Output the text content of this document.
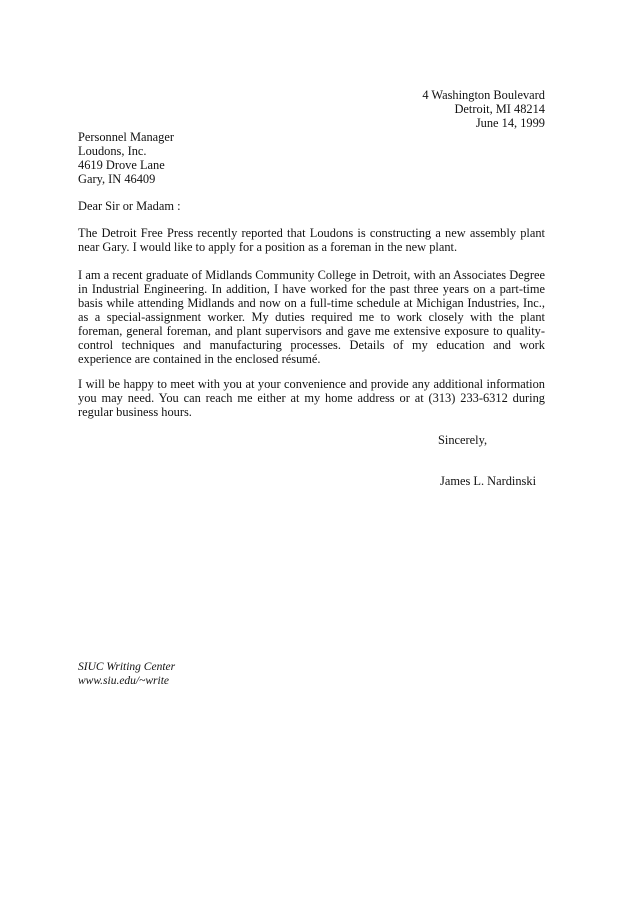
4 Washington Boulevard
Detroit, MI 48214
June 14, 1999
Personnel Manager
Loudons, Inc.
4619 Drove Lane
Gary, IN 46409
Dear Sir or Madam :
The Detroit Free Press recently reported that Loudons is constructing a new assembly plant near Gary. I would like to apply for a position as a foreman in the new plant.
I am a recent graduate of Midlands Community College in Detroit, with an Associates Degree in Industrial Engineering. In addition, I have worked for the past three years on a part-time basis while attending Midlands and now on a full-time schedule at Michigan Industries, Inc., as a special-assignment worker. My duties required me to work closely with the plant foreman, general foreman, and plant supervisors and gave me extensive exposure to quality-control techniques and manufacturing processes. Details of my education and work experience are contained in the enclosed résumé.
I will be happy to meet with you at your convenience and provide any additional information you may need. You can reach me either at my home address or at (313) 233-6312 during regular business hours.
Sincerely,
James L. Nardinski
SIUC Writing Center
www.siu.edu/~write
